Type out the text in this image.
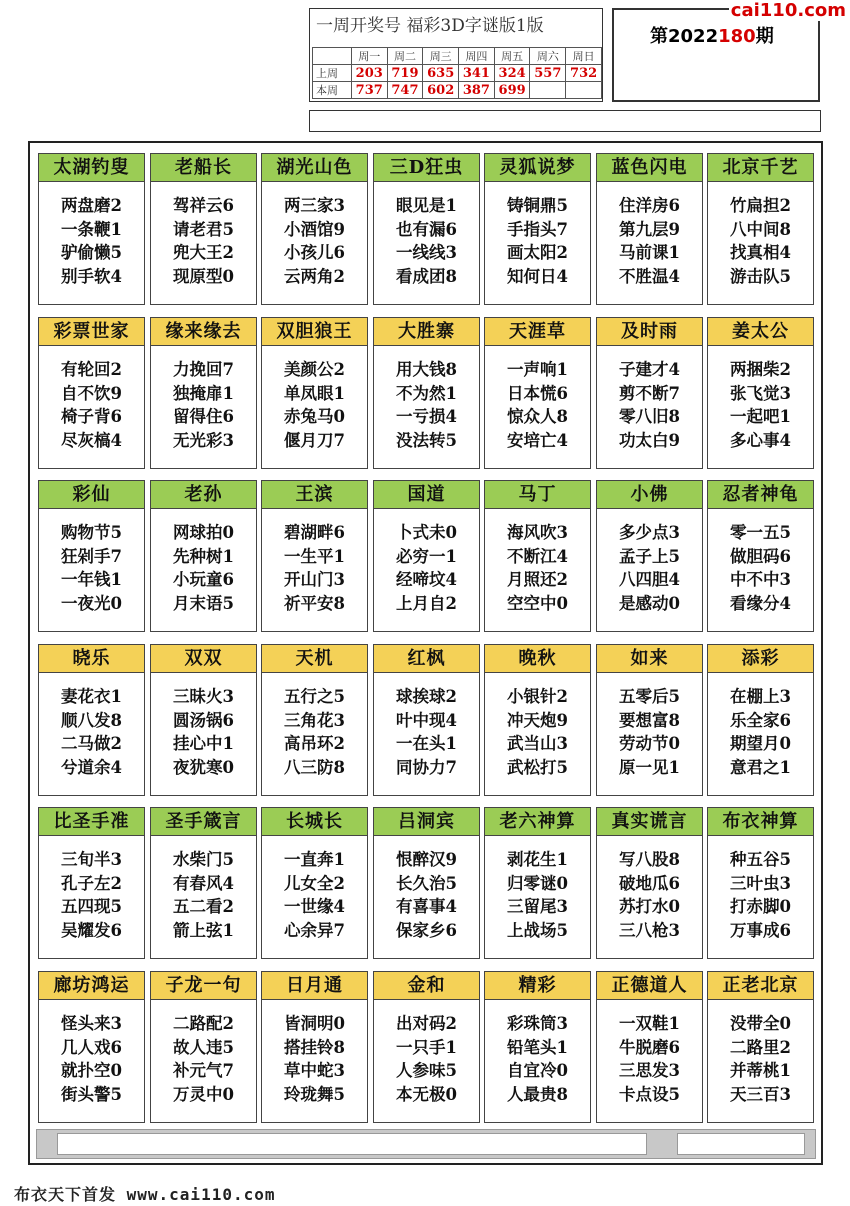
一周开奖号 福彩3D字谜版1版
	周一	周二	周三	周四	周五	周六	周日
上周	203	719	635	341	324	557	732
本周	737	747	602	387	699		
第2022180期
cai110.com
太湖钓叟
两盘磨2
一条鞭1
驴偷懒5
别手软4
老船长
驾祥云6
请老君5
兜大王2
现原型0
湖光山色
两三家3
小酒馆9
小孩儿6
云两角2
三D狂虫
眼见是1
也有漏6
一线线3
看成团8
灵狐说梦
铸铜鼎5
手指头7
画太阳2
知何日4
蓝色闪电
住洋房6
第九层9
马前课1
不胜温4
北京千艺
竹扁担2
八中间8
找真相4
游击队5
彩票世家
有轮回2
自不饮9
椅子背6
尽灰槁4
缘来缘去
力挽回7
独掩扉1
留得住6
无光彩3
双胆狼王
美颜公2
单凤眼1
赤兔马0
偃月刀7
大胜寨
用大钱8
不为然1
一亏损4
没法转5
天涯草
一声响1
日本慌6
惊众人8
安培亡4
及时雨
子建才4
剪不断7
零八旧8
功太白9
姜太公
两捆柴2
张飞觉3
一起吧1
多心事4
彩仙
购物节5
狂剁手7
一年钱1
一夜光0
老孙
网球拍0
先种树1
小玩童6
月末语5
王滨
碧湖畔6
一生平1
开山门3
祈平安8
国道
卜式未0
必穷一1
经啼坟4
上月自2
马丁
海风吹3
不断江4
月照还2
空空中0
小佛
多少点3
孟子上5
八四胆4
是感动0
忍者神龟
零一五5
做胆码6
中不中3
看缘分4
晓乐
妻花衣1
顺八发8
二马做2
兮道余4
双双
三昧火3
圆汤锅6
挂心中1
夜犹寒0
天机
五行之5
三角花3
高吊环2
八三防8
红枫
球挨球2
叶中现4
一在头1
同协力7
晚秋
小银针2
冲天炮9
武当山3
武松打5
如来
五零后5
要想富8
劳动节0
原一见1
添彩
在棚上3
乐全家6
期望月0
意君之1
比圣手准
三旬半3
孔子左2
五四现5
吴耀发6
圣手箴言
水柴门5
有春风4
五二看2
箭上弦1
长城长
一直奔1
儿女全2
一世缘4
心余异7
吕洞宾
恨醉汉9
长久治5
有喜事4
保家乡6
老六神算
剥花生1
归零谜0
三留尾3
上战场5
真实谎言
写八股8
破地瓜6
苏打水0
三八枪3
布衣神算
种五谷5
三叶虫3
打赤脚0
万事成6
廊坊鸿运
怪头来3
几人戏6
就扑空0
街头警5
子龙一句
二路配2
故人违5
补元气7
万灵中0
日月通
皆洞明0
搭挂铃8
草中蛇3
玲珑舞5
金和
出对码2
一只手1
人参味5
本无极0
精彩
彩珠筒3
铅笔头1
自宜冷0
人最贵8
正德道人
一双鞋1
牛脱磨6
三思发3
卡点设5
正老北京
没带全0
二路里2
并蒂桃1
天三百3
布衣天下首发 www.cai110.com
